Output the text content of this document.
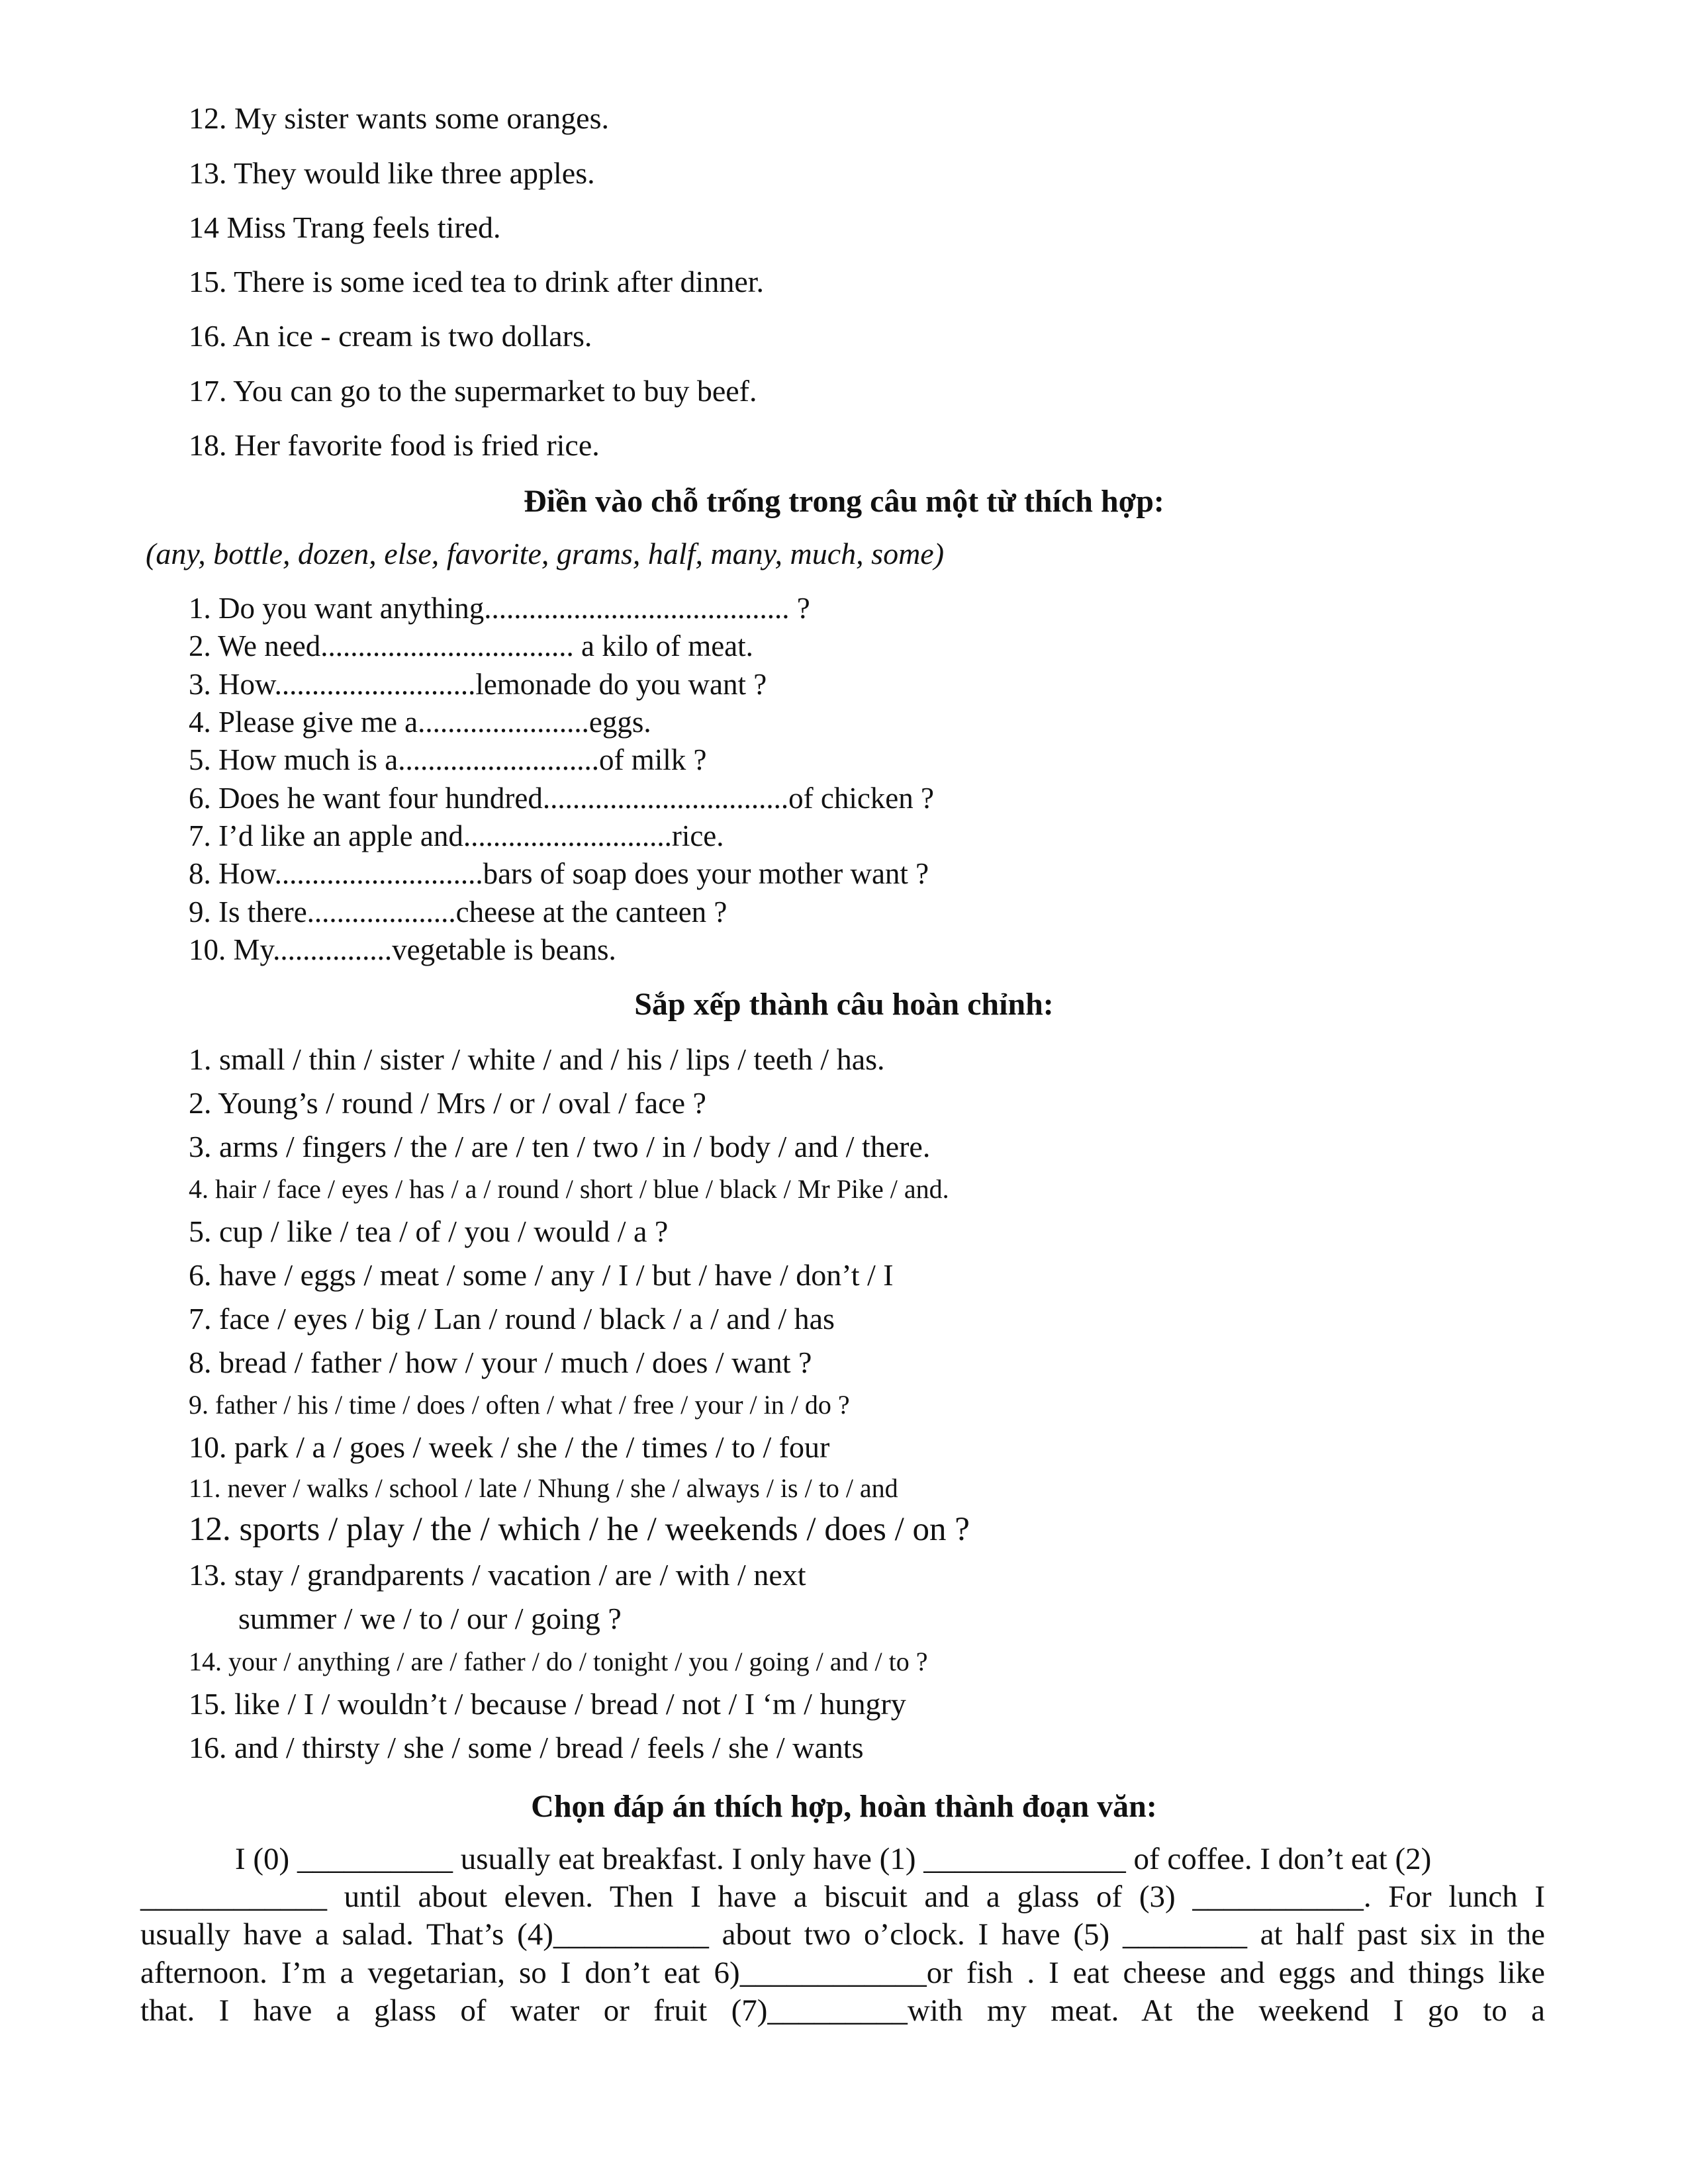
12. My sister wants some oranges.
13. They would like three apples.
14 Miss Trang feels tired.
15. There is some iced tea to drink after dinner.
16. An ice - cream is two dollars.
17. You can go to the supermarket to buy beef.
18. Her favorite food is fried rice.
Điền vào chỗ trống trong câu một từ thích hợp:
(any, bottle, dozen, else, favorite, grams, half, many, much, some)
1. Do you want anything......................................... ?
2. We need.................................. a kilo of meat.
3. How...........................lemonade do you want ?
4. Please give me a.......................eggs.
5. How much is a...........................of milk ?
6. Does he want four hundred.................................of chicken ?
7. I’d like an apple and............................rice.
8. How............................bars of soap does your mother want ?
9. Is there....................cheese at the canteen ?
10. My................vegetable is beans.
Sắp xếp thành câu hoàn chỉnh:
1. small / thin / sister / white / and / his / lips / teeth / has.
2. Young’s / round / Mrs / or / oval / face ?
3. arms / fingers / the / are / ten / two / in / body / and / there.
4. hair / face / eyes / has / a / round / short / blue / black / Mr Pike / and.
5. cup / like / tea / of / you / would / a ?
6. have / eggs / meat / some / any / I / but / have / don’t / I
7. face / eyes / big / Lan / round / black / a / and / has
8. bread / father / how / your / much / does / want ?
9. father / his / time / does / often / what / free / your / in / do ?
10. park / a / goes / week / she / the / times / to / four
11. never / walks / school / late / Nhung / she / always / is / to / and
12. sports / play / the / which / he / weekends / does / on ?
13. stay / grandparents / vacation / are / with / next
summer / we / to / our / going ?
14. your / anything / are / father / do / tonight / you / going / and / to ?
15. like / I / wouldn’t / because / bread / not / I ‘m / hungry
16. and / thirsty / she / some / bread / feels / she / wants
Chọn đáp án thích hợp, hoàn thành đoạn văn:
I (0) __________ usually eat breakfast. I only have (1) _____________ of coffee. I don’t eat (2)
____________ until about eleven. Then I have a biscuit and a glass of (3) ___________. For lunch I
usually have a salad. That’s (4)__________ about two o’clock. I have (5) ________ at half past six in the
afternoon. I’m a vegetarian, so I don’t eat 6)____________or fish . I eat cheese and eggs and things like
that. I have a glass of water or fruit (7)_________with my meat. At the weekend I go to a
